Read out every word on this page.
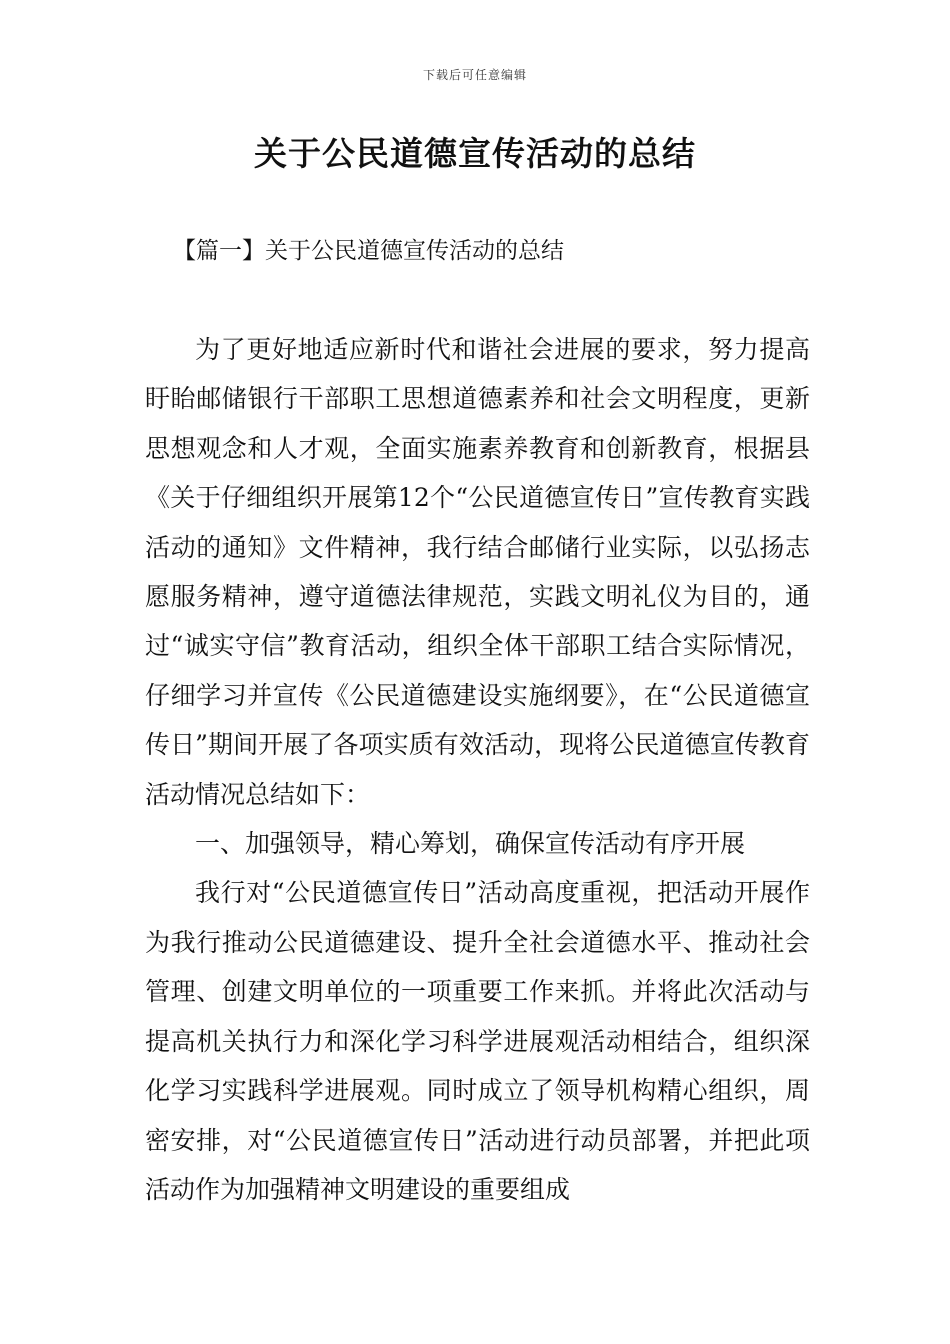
下载后可任意编辑
关于公民道德宣传活动的总结
【篇一】关于公民道德宣传活动的总结

为了更好地适应新时代和谐社会进展的要求，努力提高盱眙邮储银行干部职工思想道德素养和社会文明程度，更新思想观念和人才观，全面实施素养教育和创新教育，根据县《关于仔细组织开展第12个“公民道德宣传日”宣传教育实践活动的通知》文件精神，我行结合邮储行业实际，以弘扬志愿服务精神，遵守道德法律规范，实践文明礼仪为目的，通过“诚实守信”教育活动，组织全体干部职工结合实际情况，仔细学习并宣传《公民道德建设实施纲要》，在“公民道德宣传日”期间开展了各项实质有效活动，现将公民道德宣传教育活动情况总结如下：

一、加强领导，精心筹划，确保宣传活动有序开展

我行对“公民道德宣传日”活动高度重视，把活动开展作为我行推动公民道德建设、提升全社会道德水平、推动社会管理、创建文明单位的一项重要工作来抓。并将此次活动与提高机关执行力和深化学习科学进展观活动相结合，组织深化学习实践科学进展观。同时成立了领导机构精心组织，周密安排，对“公民道德宣传日”活动进行动员部署，并把此项活动作为加强精神文明建设的重要组成
